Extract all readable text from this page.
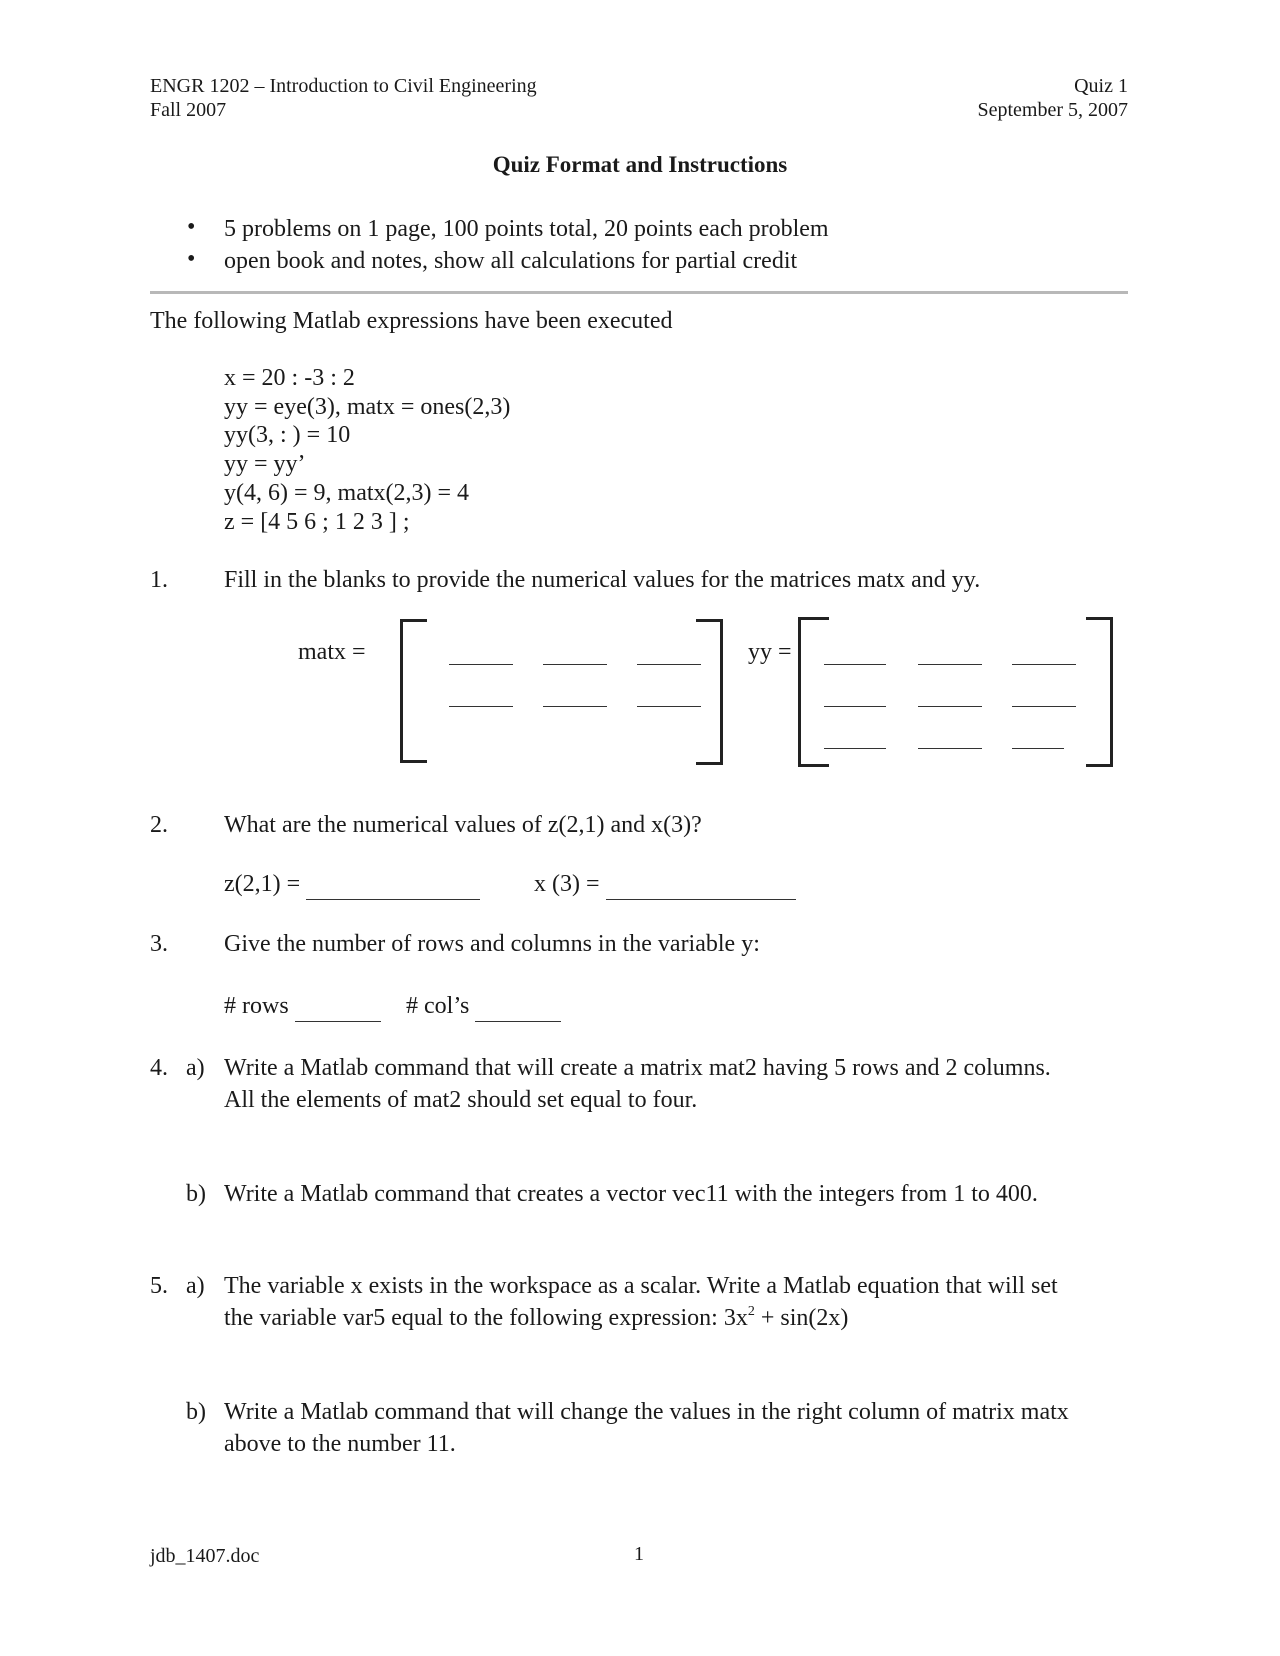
ENGR 1202 – Introduction to Civil Engineering
Fall 2007
Quiz 1
September 5, 2007
Quiz Format and Instructions
• 5 problems on 1 page, 100 points total, 20 points each problem
• open book and notes, show all calculations for partial credit
The following Matlab expressions have been executed
x = 20 : -3 : 2
yy = eye(3), matx = ones(2,3)
yy(3, : ) = 10
yy = yy’
y(4, 6) = 9, matx(2,3) = 4
z = [4 5 6 ; 1 2 3 ] ;
1. Fill in the blanks to provide the numerical values for the matrices matx and yy.
matx =	yy =
2. What are the numerical values of z(2,1) and x(3)?
z(2,1) =	x (3) =
3. Give the number of rows and columns in the variable y:
# rows	# col’s
4. a) Write a Matlab command that will create a matrix mat2 having 5 rows and 2 columns.
All the elements of mat2 should set equal to four.
b) Write a Matlab command that creates a vector vec11 with the integers from 1 to 400.
5. a) The variable x exists in the workspace as a scalar. Write a Matlab equation that will set
the variable var5 equal to the following expression: $3x^2 + \sin(2x)$
b) Write a Matlab command that will change the values in the right column of matrix matx
above to the number 11.
jdb_1407.doc	1
